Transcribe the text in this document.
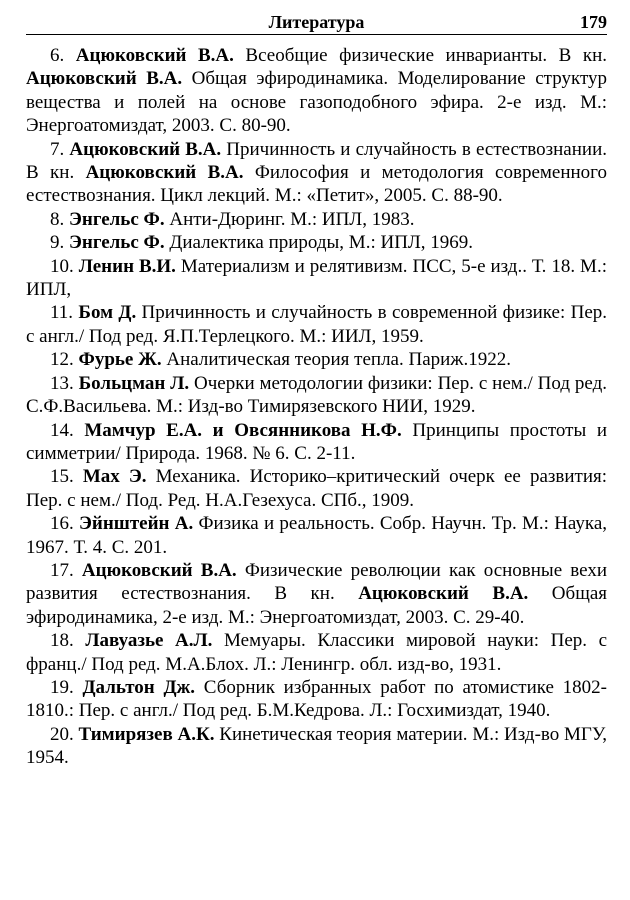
Литература	179

6. Ацюковский В.А. Всеобщие физические инварианты. В кн. Ацюковский В.А. Общая эфиродинамика. Моделирование структур вещества и полей на основе газоподобного эфира. 2-е изд. М.: Энергоатомиздат, 2003. С. 80-90.

7. Ацюковский В.А. Причинность и случайность в естествознании. В кн. Ацюковский В.А. Философия и методология современного естествознания. Цикл лекций. М.: «Петит», 2005. С. 88-90.

8. Энгельс Ф. Анти-Дюринг. М.: ИПЛ, 1983.

9. Энгельс Ф. Диалектика природы, М.: ИПЛ, 1969.

10. Ленин В.И. Материализм и релятивизм. ПСС, 5-е изд.. Т. 18. М.: ИПЛ,

11. Бом Д. Причинность и случайность в современной физике: Пер. с англ./ Под ред. Я.П.Терлецкого. М.: ИИЛ, 1959.

12. Фурье Ж. Аналитическая теория тепла. Париж.1922.

13. Больцман Л. Очерки методологии физики: Пер. с нем./ Под ред. С.Ф.Васильева. М.: Изд-во Тимирязевского НИИ, 1929.

14. Мамчур Е.А. и Овсянникова Н.Ф. Принципы простоты и симметрии/ Природа. 1968. № 6. С. 2-11.

15. Мах Э. Механика. Историко–критический очерк ее развития: Пер. с нем./ Под. Ред. Н.А.Гезехуса. СПб., 1909.

16. Эйнштейн А. Физика и реальность. Собр. Научн. Тр. М.: Наука, 1967. Т. 4. С. 201.

17. Ацюковский В.А. Физические революции как основные вехи развития естествознания. В кн. Ацюковский В.А. Общая эфиродинамика, 2-е изд. М.: Энергоатомиздат, 2003. С. 29-40.

18. Лавуазье А.Л. Мемуары. Классики мировой науки: Пер. с франц./ Под ред. М.А.Блох. Л.: Ленингр. обл. изд-во, 1931.

19. Дальтон Дж. Сборник избранных работ по атомистике 1802-1810.: Пер. с англ./ Под ред. Б.М.Кедрова. Л.: Госхимиздат, 1940.

20. Тимирязев А.К. Кинетическая теория материи. М.: Изд-во МГУ, 1954.
